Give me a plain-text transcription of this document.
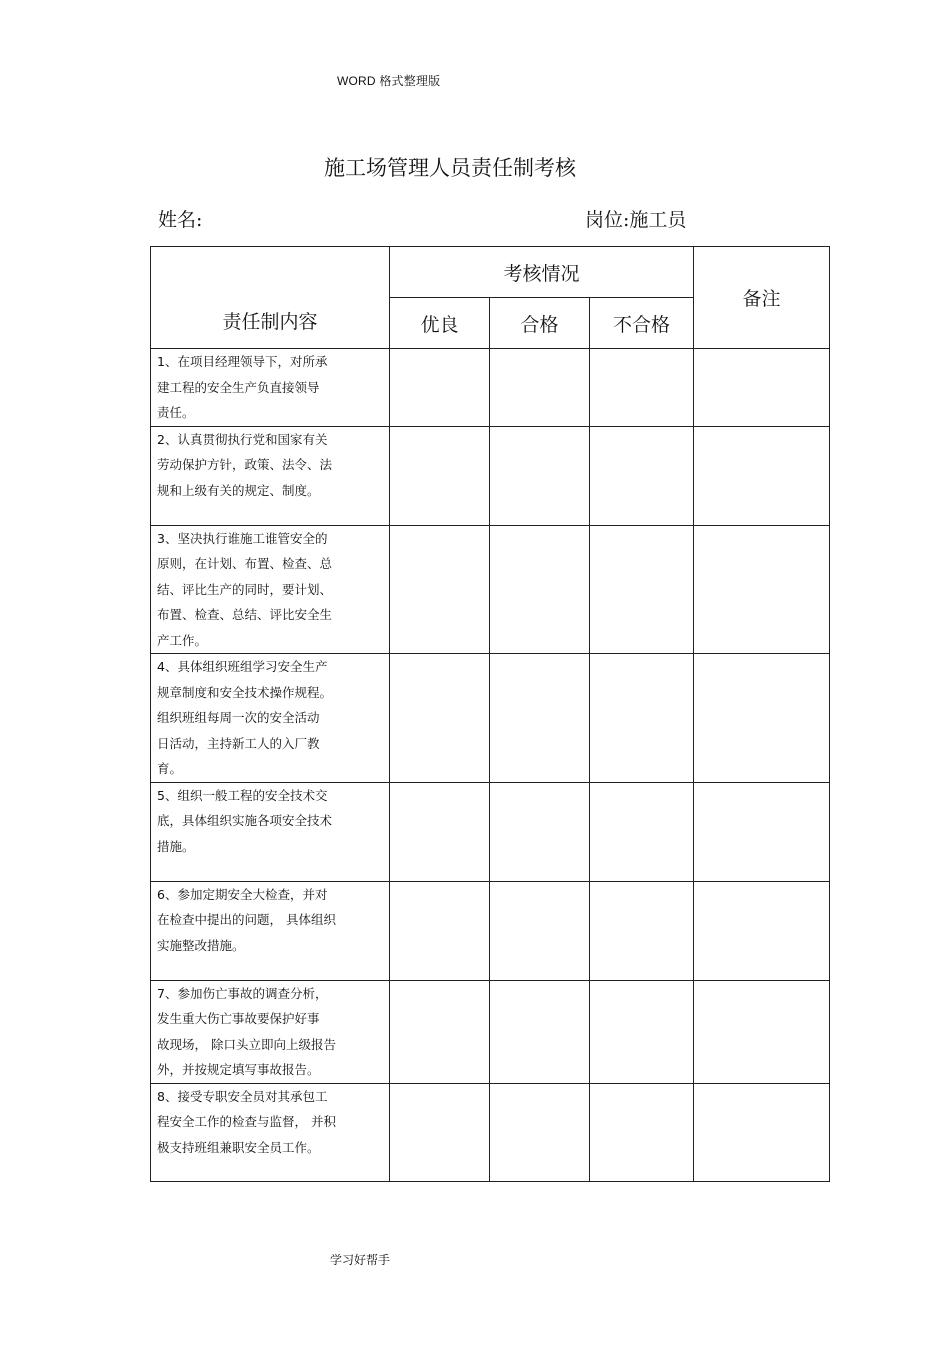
WORD 格式整理版
施工场管理人员责任制考核
姓名:	岗位:施工员
责任制内容	考核情况			备注
	优良	合格	不合格	
1、在项目经理领导下，对所承
建工程的安全生产负直接领导
责任。				
2、认真贯彻执行党和国家有关
劳动保护方针，政策、法令、法
规和上级有关的规定、制度。				
3、坚决执行谁施工谁管安全的
原则，在计划、布置、检查、总
结、评比生产的同时，要计划、
布置、检查、总结、评比安全生
产工作。				
4、具体组织班组学习安全生产
规章制度和安全技术操作规程。
组织班组每周一次的安全活动
日活动，主持新工人的入厂教
育。				
5、组织一般工程的安全技术交
底，具体组织实施各项安全技术
措施。				
6、参加定期安全大检查，并对
在检查中提出的问题， 具体组织
实施整改措施。				
7、参加伤亡事故的调查分析，
发生重大伤亡事故要保护好事
故现场， 除口头立即向上级报告
外，并按规定填写事故报告。				
8、接受专职安全员对其承包工
程安全工作的检查与监督， 并积
极支持班组兼职安全员工作。				
学习好帮手
